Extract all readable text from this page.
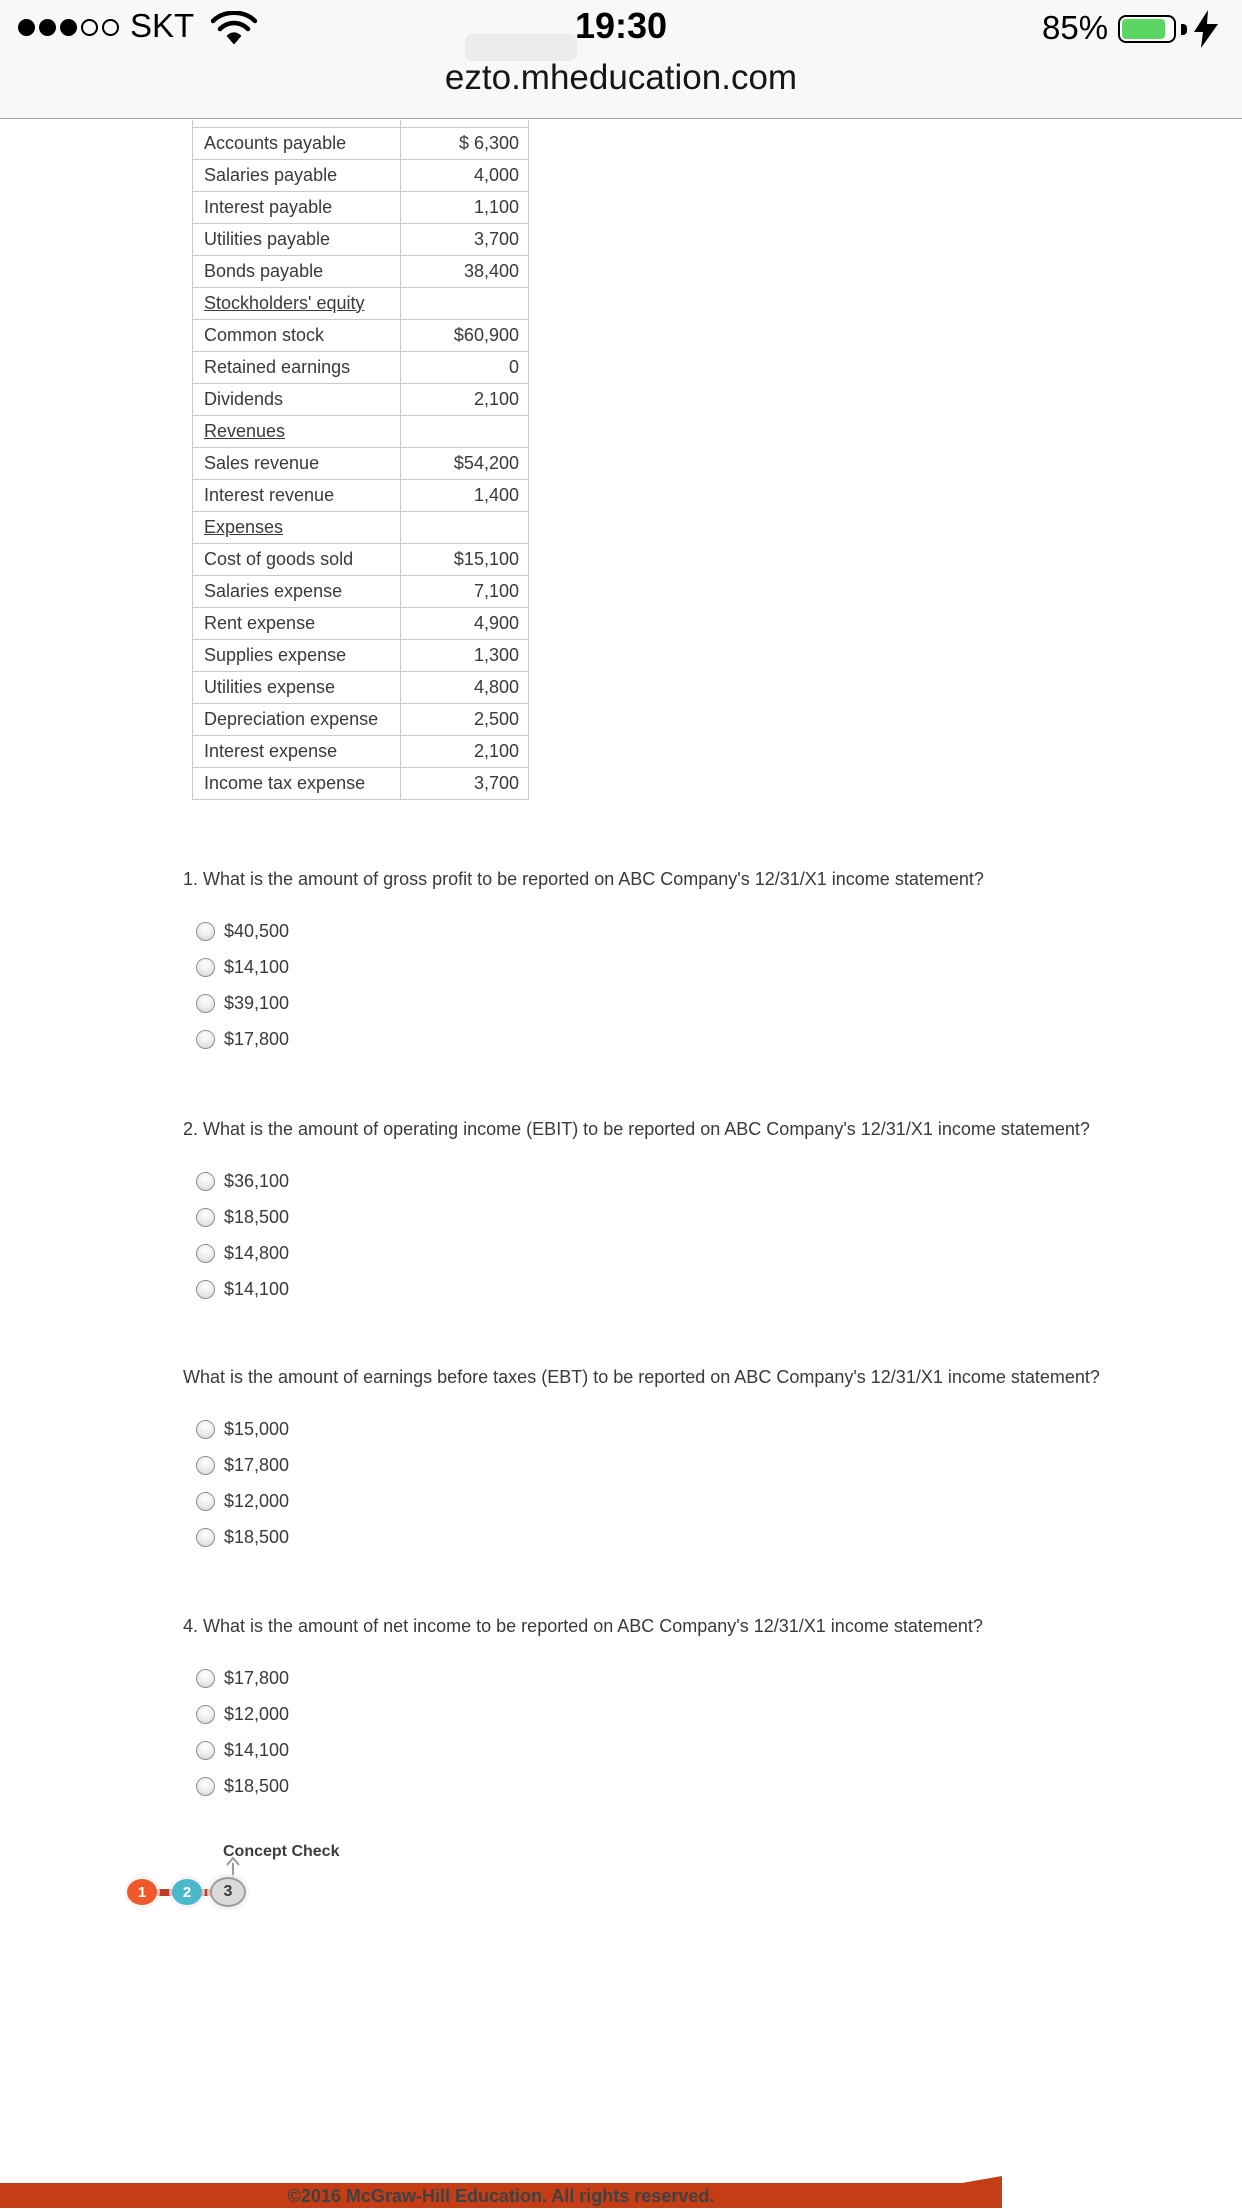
SKT	19:30	85%
ezto.mheducation.com

Accounts payable	$ 6,300
Salaries payable	4,000
Interest payable	1,100
Utilities payable	3,700
Bonds payable	38,400
Stockholders' equity	
Common stock	$60,900
Retained earnings	0
Dividends	2,100
Revenues	
Sales revenue	$54,200
Interest revenue	1,400
Expenses	
Cost of goods sold	$15,100
Salaries expense	7,100
Rent expense	4,900
Supplies expense	1,300
Utilities expense	4,800
Depreciation expense	2,500
Interest expense	2,100
Income tax expense	3,700
1. What is the amount of gross profit to be reported on ABC Company's 12/31/X1 income statement?
$40,500
$14,100
$39,100
$17,800
2. What is the amount of operating income (EBIT) to be reported on ABC Company's 12/31/X1 income statement?
$36,100
$18,500
$14,800
$14,100
What is the amount of earnings before taxes (EBT) to be reported on ABC Company's 12/31/X1 income statement?
$15,000
$17,800
$12,000
$18,500
4. What is the amount of net income to be reported on ABC Company's 12/31/X1 income statement?
$17,800
$12,000
$14,100
$18,500
Concept Check
1	2	3
©2016 McGraw-Hill Education. All rights reserved.
